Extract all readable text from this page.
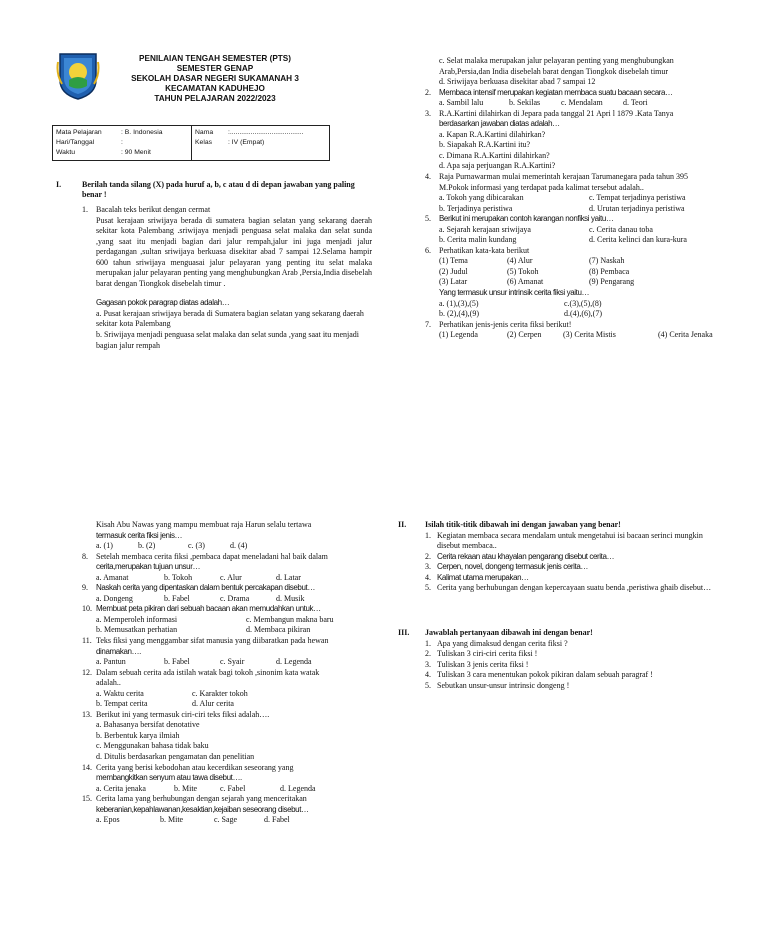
PENILAIAN TENGAH SEMESTER (PTS)
SEMESTER GENAP
SEKOLAH DASAR NEGERI SUKAMANAH 3
KECAMATAN KADUHEJO
TAHUN PELAJARAN 2022/2023
Mata Pelajaran	: B. Indonesia
Hari/Tanggal	:
Waktu	: 90 Menit
Nama :.......................................
Kelas : IV (Empat)
I.	Berilah tanda silang (X) pada huruf a, b, c atau d di depan jawaban yang paling benar !
1.	Bacalah teks berikut dengan cermat

Pusat kerajaan sriwijaya berada di sumatera bagian selatan yang sekarang daerah sekitar kota Palembang .sriwijaya menjadi penguasa selat malaka dan selat sunda ,yang saat itu menjadi bagian dari jalur rempah,jalur ini juga menjadi jalur perdagangan ,sultan sriwijaya berkuasa disekitar abad 7 sampai 12.Selama hampir 600 tahun sriwijaya menguasai jalur pelayaran yang penting itu selat malaka merupakan jalur pelayaran penting yang menghubungkan Arab ,Persia,India disebelah barat dengan Tiongkok disebelah timur .

Gagasan pokok paragrap diatas adalah…

a. Pusat kerajaan sriwijaya berada di Sumatera bagian selatan yang sekarang daerah sekitar kota Palembang

b. Sriwijaya menjadi penguasa selat malaka dan selat sunda ,yang saat itu menjadi bagian jalur rempah

c. Selat malaka merupakan jalur pelayaran penting yang menghubungkan Arab,Persia,dan India disebelah barat dengan Tiongkok disebelah timur

d. Sriwijaya berkuasa disekitar abad 7 sampai 12

2.	Membaca intensif merupakan kegiatan membaca suatu bacaan secara…
a. Sambil lalu	b. Sekilas	c. Mendalam	d. Teori
3.	R.A.Kartini dilahirkan di Jepara pada tanggal 21 Apri l 1879 .Kata Tanya

berdasarkan jawaban diatas adalah…

a. Kapan R.A.Kartini dilahirkan?

b. Siapakah R.A.Kartini itu?

c. Dimana R.A.Kartini dilahirkan?

d. Apa saja perjuangan R.A.Kartini?

4.	Raja Purnawarman mulai memerintah kerajaan Tarumanegara pada tahun 395 M.Pokok informasi yang terdapat pada kalimat tersebut adalah..
a. Tokoh yang dibicarakan	c. Tempat terjadinya peristiwa
b. Terjadinya peristiwa	d. Urutan terjadinya peristiwa
5.	Berikut ini merupakan contoh karangan nonfiksi yaitu…
a. Sejarah kerajaan sriwijaya	c. Cerita danau toba
b. Cerita malin kundang	d. Cerita kelinci dan kura-kura
6.	Perhatikan kata-kata berikut
(1) Tema	(4) Alur	(7) Naskah
(2) Judul	(5) Tokoh	(8) Pembaca
(3) Latar	(6) Amanat	(9) Pengarang

Yang termasuk unsur intrinsik cerita fiksi yaitu…

a. (1),(3),(5)	c.(3),(5),(8)
b. (2),(4),(9)	d.(4),(6),(7)
7.	Perhatikan jenis-jenis cerita fiksi berikut!
(1) Legenda	(2) Cerpen	(3) Cerita Mistis	(4) Cerita Jenaka

Kisah Abu Nawas yang mampu membuat raja Harun selalu tertawa

termasuk cerita fiksi jenis…

a. (1)	b. (2)	c. (3)	d. (4)
8.	Setelah membaca cerita fiksi ,pembaca dapat meneladani hal baik dalam

cerita,merupakan tujuan unsur…

a. Amanat	b. Tokoh	c. Alur	d. Latar
9.	Naskah cerita yang dipentaskan dalam bentuk percakapan disebut…
a. Dongeng	b. Fabel	c. Drama	d. Musik
10. Membuat peta pikiran dari sebuah bacaan akan memudahkan untuk…
a. Memperoleh informasi	c. Membangun makna baru
b. Memusatkan perhatian	d. Membaca pikiran
11. Teks fiksi yang menggambar sifat manusia yang diibaratkan pada hewan

dinamakan….

a. Pantun	b. Fabel	c. Syair	d. Legenda
12. Dalam sebuah cerita ada istilah watak bagi tokoh ,sinonim kata watak

adalah..

a. Waktu cerita	c. Karakter tokoh
b. Tempat cerita	d. Alur cerita
13. Berikut ini yang termasuk ciri-ciri teks fiksi adalah….

a. Bahasanya bersifat denotative

b. Berbentuk karya ilmiah

c. Menggunakan bahasa tidak baku

d. Ditulis berdasarkan pengamatan dan penelitian

14. Cerita yang berisi kebodohan atau kecerdikan seseorang yang

membangkitkan senyum atau tawa disebut….

a. Cerita jenaka	b. Mite	c. Fabel	d. Legenda
15. Cerita lama yang berhubungan dengan sejarah yang menceritakan

keberanian,kepahlawanan,kesaktian,kejaiban seseorang disebut…

a. Epos	b. Mite	c. Sage	d. Fabel
II.	Isilah titik-titik dibawah ini dengan jawaban yang benar!
1. Kegiatan membaca secara mendalam untuk mengetahui isi bacaan serinci mungkin disebut membaca..
2. Cerita rekaan atau khayalan pengarang disebut cerita…
3. Cerpen, novel, dongeng termasuk jenis cerita…
4. Kalimat utama merupakan…
5. Cerita yang berhubungan dengan kepercayaan suatu benda ,peristiwa ghaib disebut…
III.	Jawablah pertanyaan dibawah ini dengan benar!
1. Apa yang dimaksud dengan cerita fiksi ?
2. Tuliskan 3 ciri-ciri cerita fiksi !
3. Tuliskan 3 jenis cerita fiksi !
4. Tuliskan 3 cara menentukan pokok pikiran dalam sebuah paragraf !
5. Sebutkan unsur-unsur intrinsic dongeng !
